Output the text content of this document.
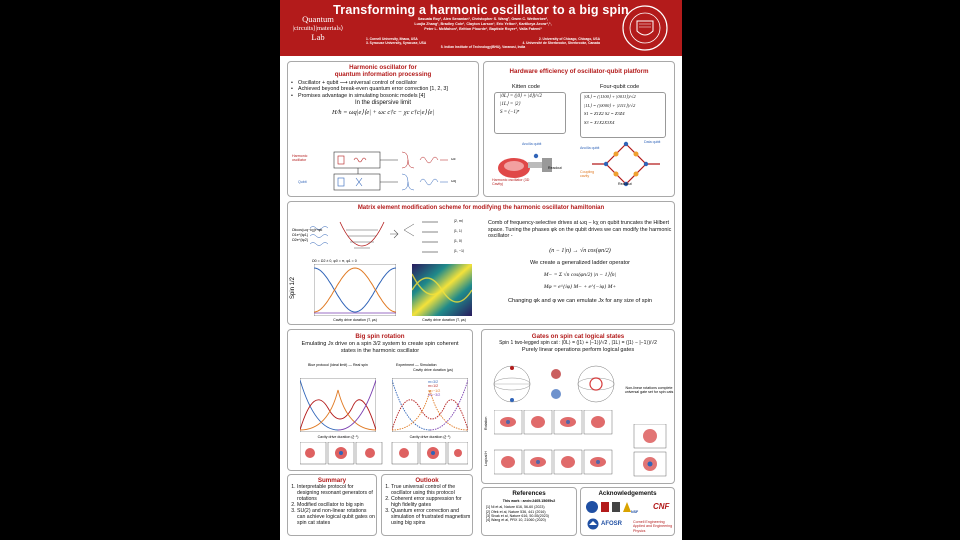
Transforming a harmonic oscillator to a big spin
Quantum
|circuits⟩|materials⟩
Lab
Sasuata Roy¹, Alen Senanian¹, Christopher S. Wang², Owen C. Wetherbee¹,
Luojia Zhang¹, Bradley Cole¹, Clayton Larson³, Eric Yelton³, Kartikeya Arora⁴,⁵,
Peter L. McMahon¹, Britton Plourde³, Baptiste Royer⁴, Valla Fatemi¹
1. Cornell University, Ithaca, USA	2. University of Chicago, Chicago, USA
3. Syracuse University, Syracuse, USA	4. Université de Sherbrooke, Sherbrooke, Canada
5. Indian Institute of Technology(BHU), Varanasi, India
Harmonic oscillator for
quantum information processing
• Oscillator + qubit ⟶ universal control of oscillator
• Achieved beyond break-even quantum error correction [1, 2, 3]
• Promises advantage in simulating bosonic models [4]
In the dispersive limit
H/ħ = ωq|e⟩⟨e| + ωc c†c − χc c†c|e⟩⟨e|
Harmonic oscillator
Qubit
ωc
ωq
Hardware efficiency of oscillator-qubit platform
Kitten code	Four-qubit code
|0L⟩ = (|0⟩ + |4⟩)/√2
|1L⟩ = |2⟩
S = (−1)ⁿ
|0L⟩ = (|1100⟩ + |0011⟩)/√2
|1L⟩ = (|0000⟩ + |1111⟩)/√2
S1 = Z1Z2 S2 = Z3Z4
S3 = X1X2X3X4
Ancilla qubit
Readout
Harmonic oscillator (3D Cavity)
Ancilla qubit
Data qubit
Coupling cavity
Readout
Matrix element modification scheme for modifying the harmonic oscillator hamiltonian
Ωkcos(ωq−kχ)t+φk
Ω1e^{iφ1}
Ω2e^{iφ2}
|2, m⟩
|1, 1⟩
|1, 0⟩
|1, −1⟩
Ω0 = Ω2 ≠ 0, φ0 = π, φ1 = 0
Spin 1/2
Cavity drive duration (T, μs)	Cavity drive duration (T, μs)
Comb of frequency-selective drives at ωq − kχ on qubit truncates the Hilbert space. Tuning the phases φk on the qubit drives we can modify the harmonic oscillator -
(n − 1|n) → √n cos(φn/2)
We create a generalized ladder operator
M− = Σ √n cos(φn/2) |n − 1⟩⟨n|
Mφ = e^{iφ} M− + e^{−iφ} M+
Changing φk and φ we can emulate Jx for any size of spin
Big spin rotation
Emulating Jx drive on a spin 3/2 system to create spin coherent states in the harmonic oscillator
Blue protocol (ideal limit) — Real spin	Experiment — Simulation
Cavity drive duration (μs)
m=3/2
m=1/2
m=−1/2
m=−3/2
Cavity drive duration (ξ⁻¹)	Cavity drive duration (ξ⁻¹)
Gates on spin cat logical states
Spin 1 two-legged spin cat : |0L⟩ = (|1⟩ + |−1⟩)/√2 , |1L⟩ = (|1⟩ − |−1⟩)/√2
Purely linear operations perform logical gates
Non-linear rotations complete universal gate set for spin cats
Rotation
Logical H
Summary
1. Interpretable protocol for designing resonant generators of rotations
2. Modified oscillator to big spin
3. SU(2) and non-linear rotations can achieve logical qubit gates on spin cat states
Outlook
1. True universal control of the oscillator using this protocol
2. Coherent error suppression for high fidelity gates
3. Quantum error correction and simulation of frustrated magnetism using big spins
References
This work : arxiv:2405.15695v2
[1] Ni et al, Nature 616, 56-60 (2023)
[2] Ofek et al, Nature 536, 441 (2016)
[3] Sivak et al, Nature 616, 50-55(2023)
[4] Wang et al, PRX 10, 21060 (2020)
Acknowledgements
CNF
AFOSR	Cornell Engineering Applied and Engineering Physics
NSF
